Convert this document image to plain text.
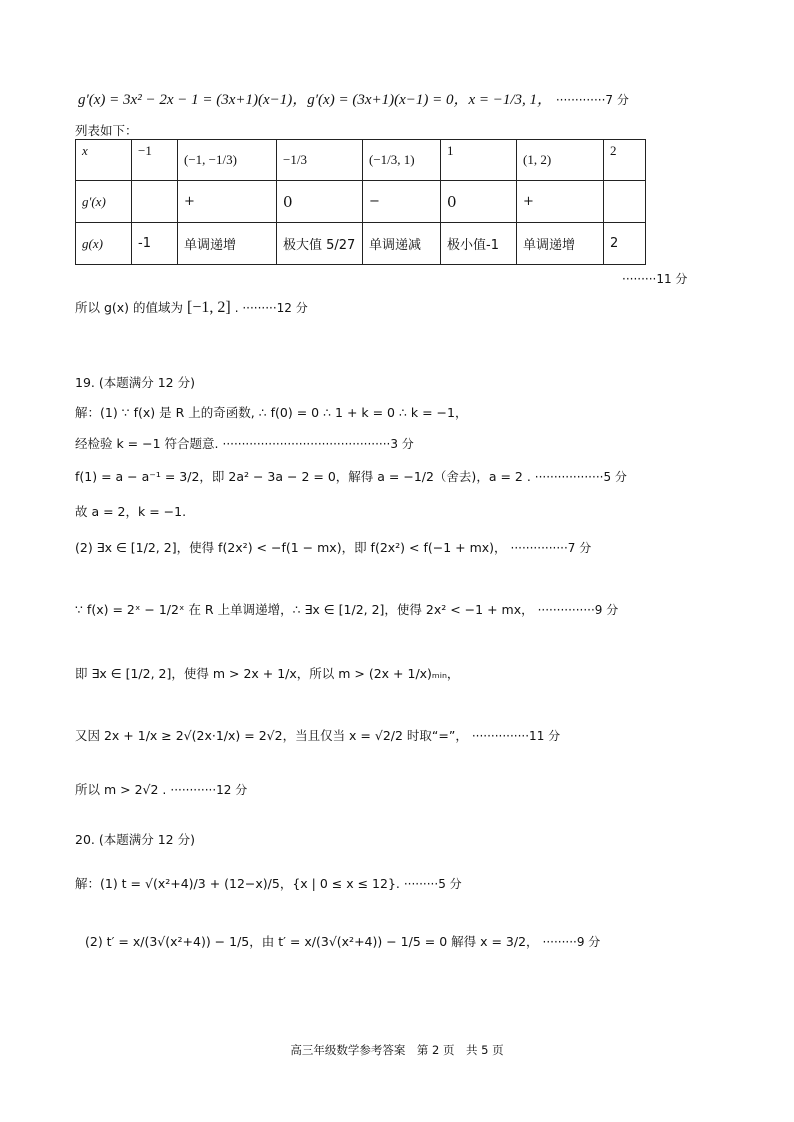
g′(x) = 3x² − 2x − 1 = (3x+1)(x−1)，g′(x) = (3x+1)(x−1) = 0，x = −1/3, 1， ·············7 分
列表如下：
x	−1	(−1, −1/3)	−1/3	(−1/3, 1)	1	(1, 2)	2
g′(x)		+	0	−	0	+	
g(x)	-1	单调递增	极大值 5/27	单调递减	极小值-1	单调递增	2
·········11 分
所以 g(x) 的值域为 [−1, 2] . ·········12 分
19. (本题满分 12 分)
解：(1) ∵ f(x) 是 R 上的奇函数, ∴ f(0) = 0 ∴ 1 + k = 0 ∴ k = −1，
经检验 k = −1 符合题意. ············································3 分
f(1) = a − a⁻¹ = 3/2，即 2a² − 3a − 2 = 0，解得 a = −1/2（舍去)，a = 2 . ··················5 分
故 a = 2，k = −1.
(2) ∃x ∈ [1/2, 2]，使得 f(2x²) < −f(1 − mx)，即 f(2x²) < f(−1 + mx)， ···············7 分
∵ f(x) = 2ˣ − 1/2ˣ 在 R 上单调递增，∴ ∃x ∈ [1/2, 2]，使得 2x² < −1 + mx， ···············9 分
即 ∃x ∈ [1/2, 2]，使得 m > 2x + 1/x，所以 m > (2x + 1/x)ₘᵢₙ，
又因 2x + 1/x ≥ 2√(2x·1/x) = 2√2，当且仅当 x = √2/2 时取“=”， ···············11 分
所以 m > 2√2 . ············12 分
20. (本题满分 12 分)
解：(1) t = √(x²+4)/3 + (12−x)/5，{x | 0 ≤ x ≤ 12}. ·········5 分
(2) t′ = x/(3√(x²+4)) − 1/5，由 t′ = x/(3√(x²+4)) − 1/5 = 0 解得 x = 3/2， ·········9 分
高三年级数学参考答案　第 2 页　共 5 页
